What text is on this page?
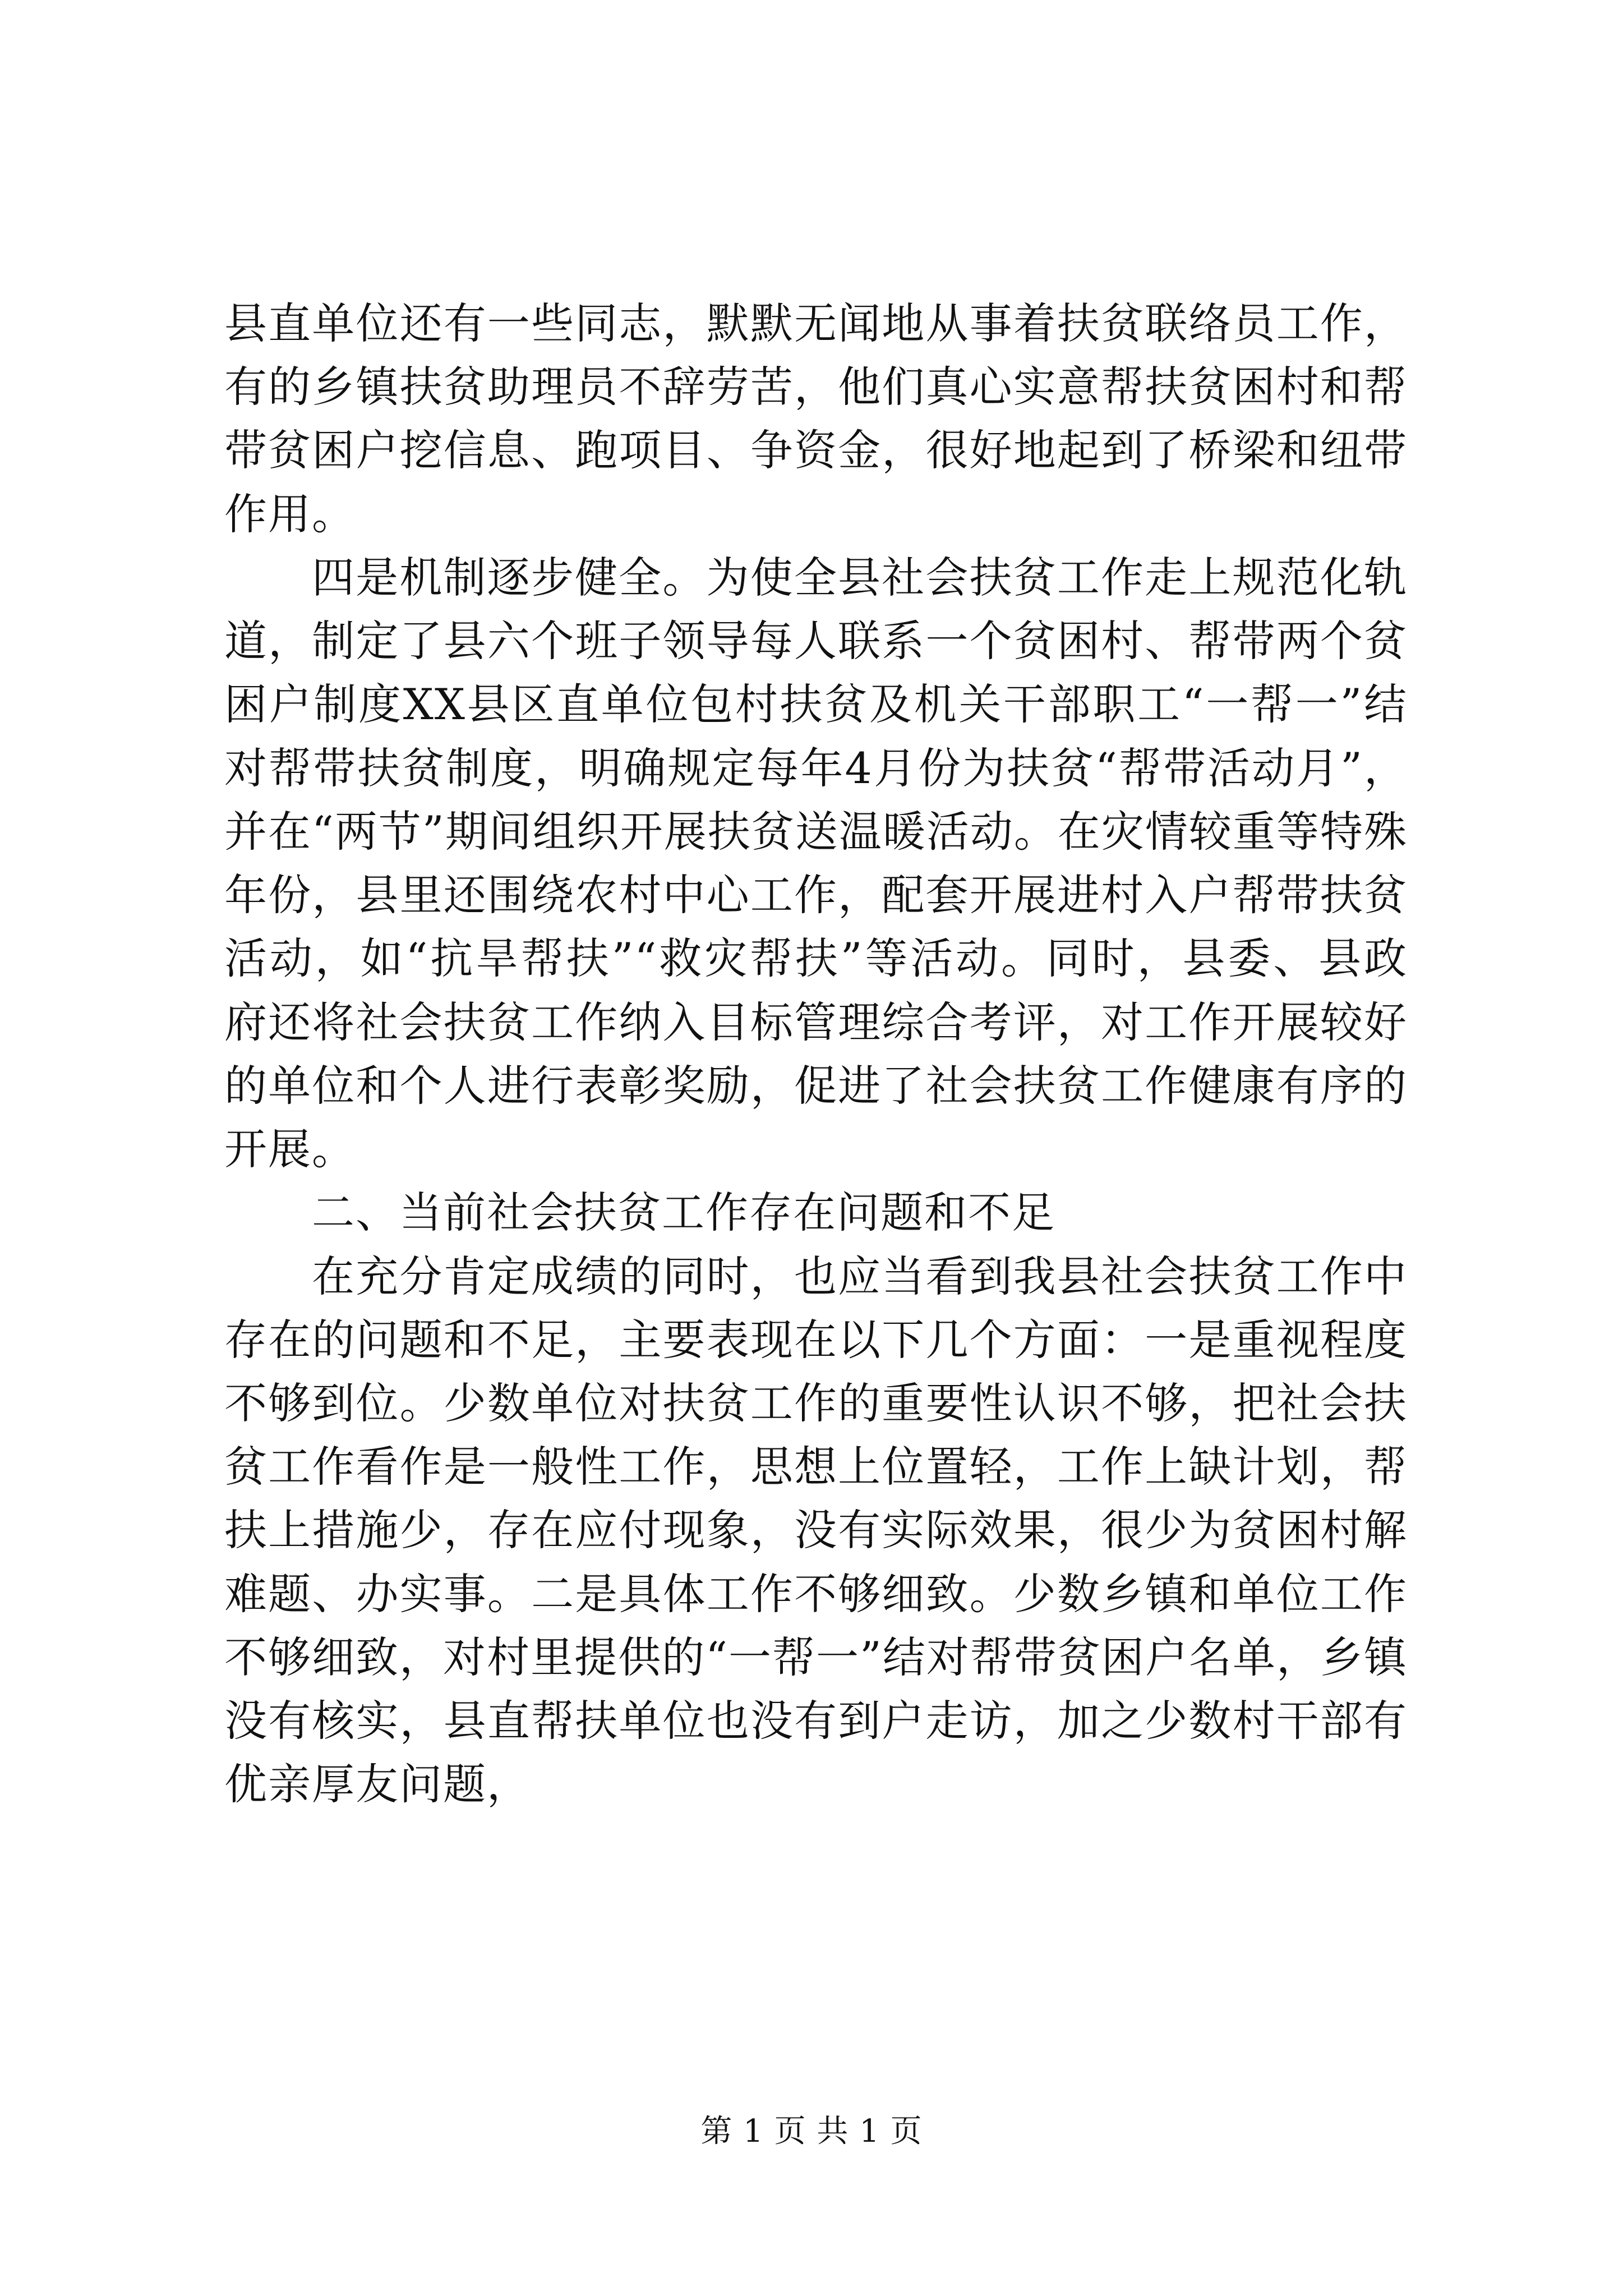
县直单位还有一些同志，默默无闻地从事着扶贫联络员工作，有的乡镇扶贫助理员不辞劳苦，他们真心实意帮扶贫困村和帮带贫困户挖信息、跑项目、争资金，很好地起到了桥梁和纽带作用。

四是机制逐步健全。为使全县社会扶贫工作走上规范化轨道，制定了县六个班子领导每人联系一个贫困村、帮带两个贫困户制度XX县区直单位包村扶贫及机关干部职工“一帮一”结对帮带扶贫制度，明确规定每年4月份为扶贫“帮带活动月”，并在“两节”期间组织开展扶贫送温暖活动。在灾情较重等特殊年份，县里还围绕农村中心工作，配套开展进村入户帮带扶贫活动，如“抗旱帮扶”“救灾帮扶”等活动。同时，县委、县政府还将社会扶贫工作纳入目标管理综合考评，对工作开展较好的单位和个人进行表彰奖励，促进了社会扶贫工作健康有序的开展。

二、当前社会扶贫工作存在问题和不足

在充分肯定成绩的同时，也应当看到我县社会扶贫工作中存在的问题和不足，主要表现在以下几个方面：一是重视程度不够到位。少数单位对扶贫工作的重要性认识不够，把社会扶贫工作看作是一般性工作，思想上位置轻，工作上缺计划，帮扶上措施少，存在应付现象，没有实际效果，很少为贫困村解难题、办实事。二是具体工作不够细致。少数乡镇和单位工作不够细致，对村里提供的“一帮一”结对帮带贫困户名单，乡镇没有核实，县直帮扶单位也没有到户走访，加之少数村干部有优亲厚友问题，

第 1 页 共 1 页
